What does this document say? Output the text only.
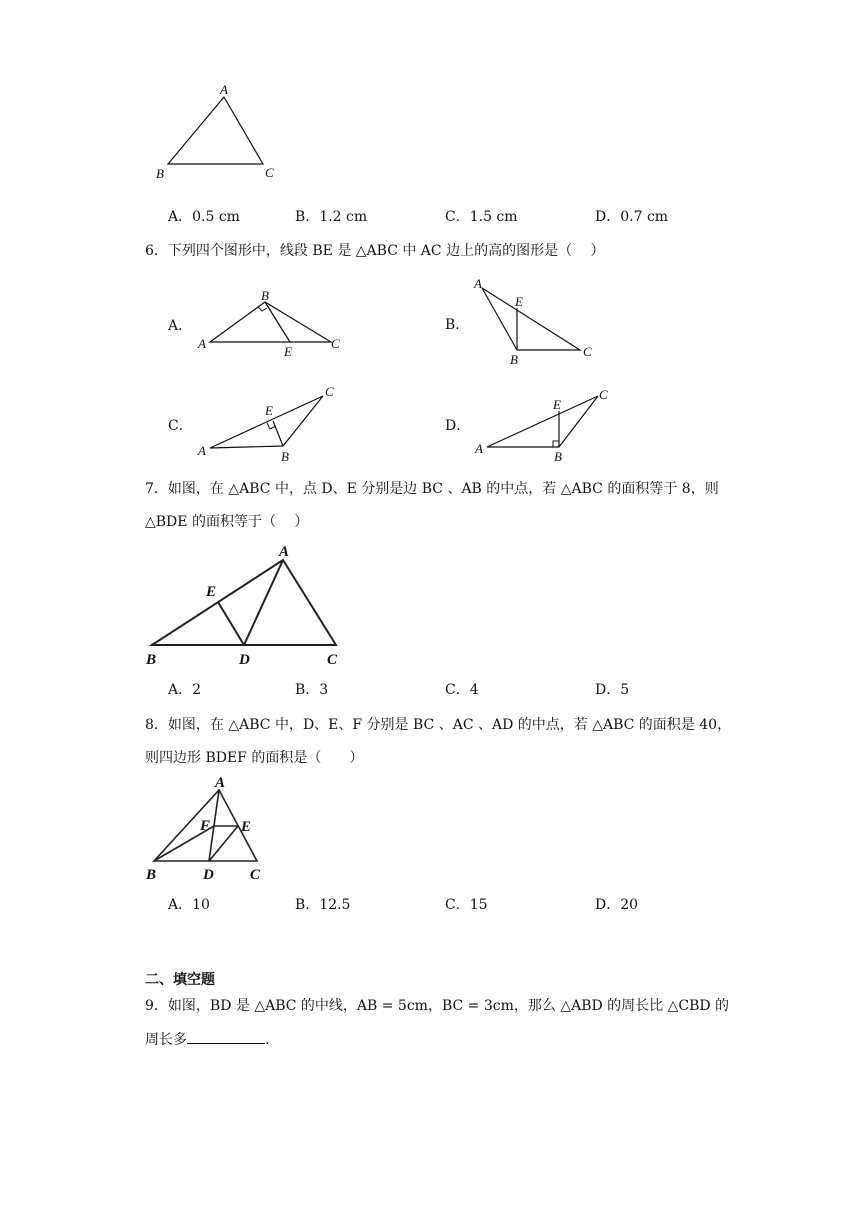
A
B	C
A．0.5 cm	B．1.2 cm	C．1.5 cm	D．0.7 cm
6．下列四个图形中，线段 BE 是 △ABC 中 AC 边上的高的图形是（　 ）
A．	B．
C．	D．
B
A
E
C
A
E
B
C
E
C
A	B
E
C
A
B
7．如图，在 △ABC 中，点 D、E 分别是边 BC 、AB 的中点，若 △ABC 的面积等于 8，则
△BDE 的面积等于（　 ）
A
E
B	D	C
A．2	B．3	C．4	D．5
8．如图，在 △ABC 中，D、E、F 分别是 BC 、AC 、AD 的中点，若 △ABC 的面积是 40，
则四边形 BDEF 的面积是（　　）
A
F E
B	D C
A．10	B．12.5	C．15	D．20
二、填空题
9．如图，BD 是 △ABC 的中线，AB = 5cm，BC = 3cm，那么 △ABD 的周长比 △CBD 的
周长多	.
